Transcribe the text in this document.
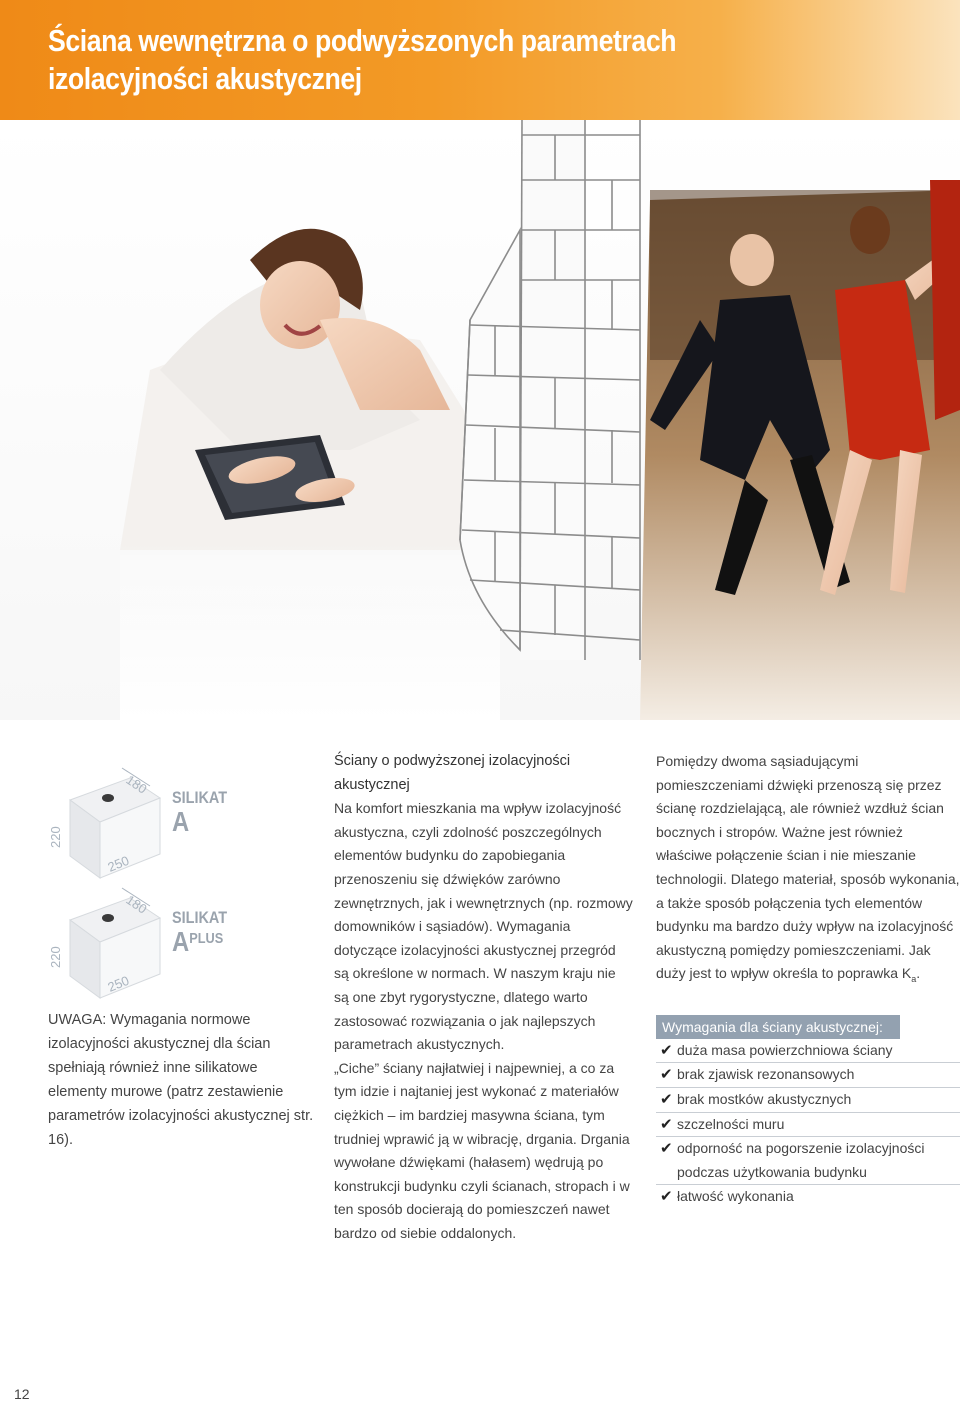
Ściana wewnętrzna o podwyższonych parametrach
izolacyjności akustycznej
180
220
250
SILIKAT
A
180
220
250
SILIKAT
APLUS

UWAGA: Wymagania normowe izolacyjności akustycznej dla ścian spełniają również inne silikatowe elementy murowe (patrz zestawienie parametrów izolacyjności akustycznej str. 16).

Ściany o podwyższonej izolacyjności akustycznej

Na komfort mieszkania ma wpływ izolacyjność akustyczna, czyli zdolność poszczególnych elementów budynku do zapobiegania przenoszeniu się dźwięków zarówno zewnętrznych, jak i wewnętrznych (np. rozmowy domowników i sąsiadów). Wymagania dotyczące izolacyjności akustycznej przegród są określone w normach. W naszym kraju nie są one zbyt rygorystyczne, dlatego warto zastosować rozwiązania o jak najlepszych parametrach akustycznych.

„Ciche” ściany najłatwiej i najpewniej, a co za tym idzie i najtaniej jest wykonać z materiałów ciężkich – im bardziej masywna ściana, tym trudniej wprawić ją w wibrację, drgania. Drgania wywołane dźwiękami (hałasem) wędrują po konstrukcji budynku czyli ścianach, stropach i w ten sposób docierają do pomieszczeń nawet bardzo od siebie oddalonych.

Pomiędzy dwoma sąsiadującymi pomieszczeniami dźwięki przenoszą się przez ścianę rozdzielającą, ale również wzdłuż ścian bocznych i stropów. Ważne jest również właściwe połączenie ścian i nie mieszanie technologii. Dlatego materiał, sposób wykonania, a także sposób połączenia tych elementów budynku ma bardzo duży wpływ na izolacyjność akustyczną pomiędzy pomieszczeniami. Jak duży jest to wpływ określa to poprawka $K_a$.

Wymagania dla ściany akustycznej:
✔ duża masa powierzchniowa ściany
✔ brak zjawisk rezonansowych
✔ brak mostków akustycznych
✔ szczelności muru
✔ odporność na pogorszenie izolacyjności podczas użytkowania budynku
✔ łatwość wykonania
12
